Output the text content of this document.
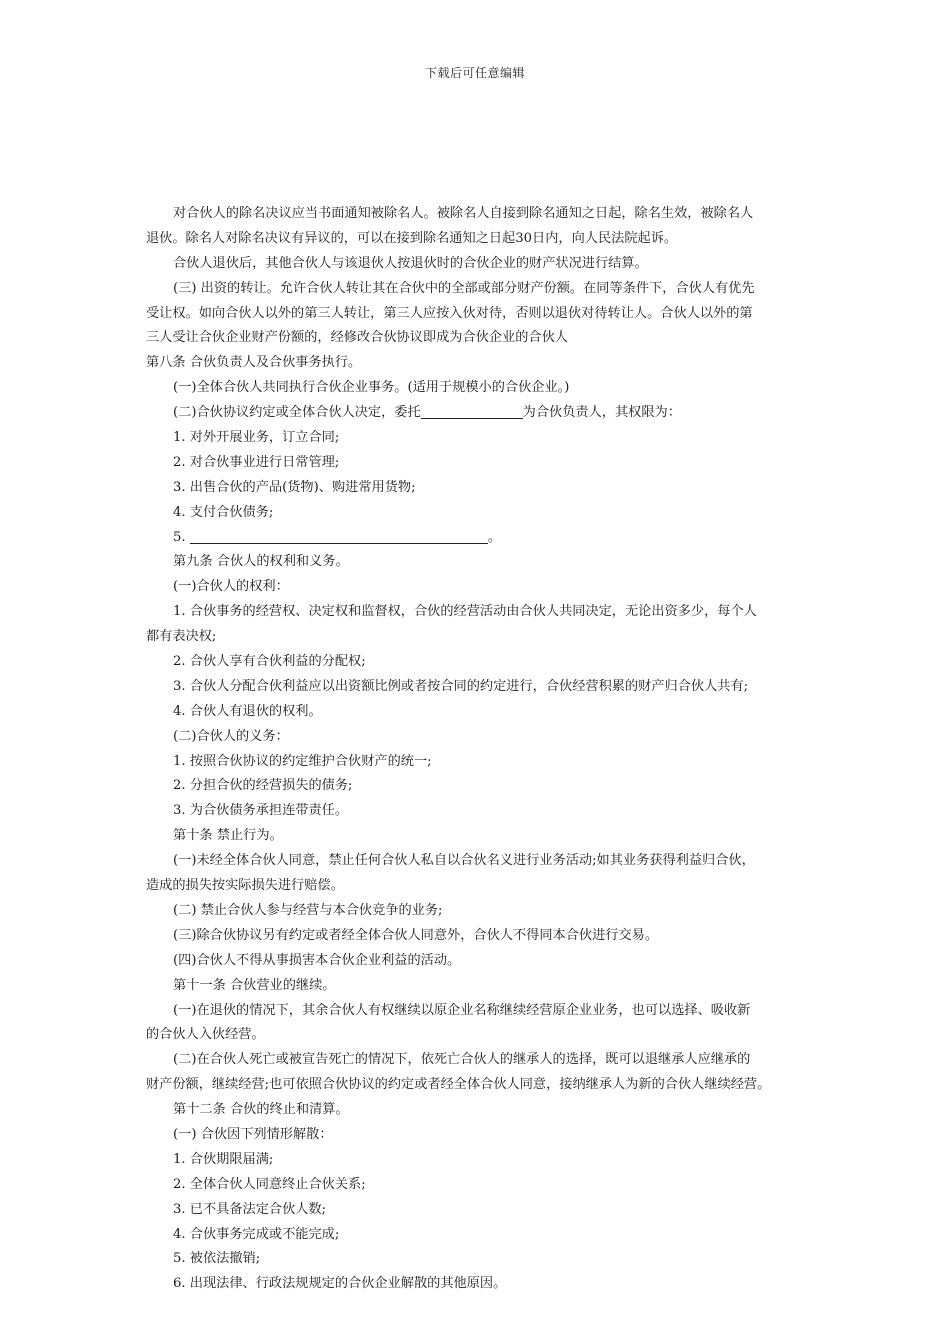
下载后可任意编辑
对合伙人的除名决议应当书面通知被除名人。被除名人自接到除名通知之日起，除名生效，被除名人
退伙。除名人对除名决议有异议的，可以在接到除名通知之日起30日内，向人民法院起诉。
合伙人退伙后，其他合伙人与该退伙人按退伙时的合伙企业的财产状况进行结算。
(三) 出资的转让。允许合伙人转让其在合伙中的全部或部分财产份额。在同等条件下，合伙人有优先
受让权。如向合伙人以外的第三人转让，第三人应按入伙对待，否则以退伙对待转让人。合伙人以外的第
三人受让合伙企业财产份额的，经修改合伙协议即成为合伙企业的合伙人
第八条 合伙负责人及合伙事务执行。
(一)全体合伙人共同执行合伙企业事务。(适用于规模小的合伙企业。)
(二)合伙协议约定或全体合伙人决定，委托	为合伙负责人，其权限为：
1. 对外开展业务，订立合同;
2. 对合伙事业进行日常管理;
3. 出售合伙的产品(货物)、购进常用货物;
4. 支付合伙债务;
5.	。
第九条 合伙人的权利和义务。
(一)合伙人的权利：
1. 合伙事务的经营权、决定权和监督权，合伙的经营活动由合伙人共同决定，无论出资多少，每个人
都有表决权;
2. 合伙人享有合伙利益的分配权;
3. 合伙人分配合伙利益应以出资额比例或者按合同的约定进行，合伙经营积累的财产归合伙人共有;
4. 合伙人有退伙的权利。
(二)合伙人的义务：
1. 按照合伙协议的约定维护合伙财产的统一;
2. 分担合伙的经营损失的债务;
3. 为合伙债务承担连带责任。
第十条 禁止行为。
(一)未经全体合伙人同意，禁止任何合伙人私自以合伙名义进行业务活动;如其业务获得利益归合伙，
造成的损失按实际损失进行赔偿。
(二) 禁止合伙人参与经营与本合伙竞争的业务;
(三)除合伙协议另有约定或者经全体合伙人同意外，合伙人不得同本合伙进行交易。
(四)合伙人不得从事损害本合伙企业利益的活动。
第十一条 合伙营业的继续。
(一)在退伙的情况下，其余合伙人有权继续以原企业名称继续经营原企业业务，也可以选择、吸收新
的合伙人入伙经营。
(二)在合伙人死亡或被宣告死亡的情况下，依死亡合伙人的继承人的选择，既可以退继承人应继承的
财产份额，继续经营;也可依照合伙协议的约定或者经全体合伙人同意，接纳继承人为新的合伙人继续经营。
第十二条 合伙的终止和清算。
(一) 合伙因下列情形解散：
1. 合伙期限届满;
2. 全体合伙人同意终止合伙关系;
3. 已不具备法定合伙人数;
4. 合伙事务完成或不能完成;
5. 被依法撤销;
6. 出现法律、行政法规规定的合伙企业解散的其他原因。
